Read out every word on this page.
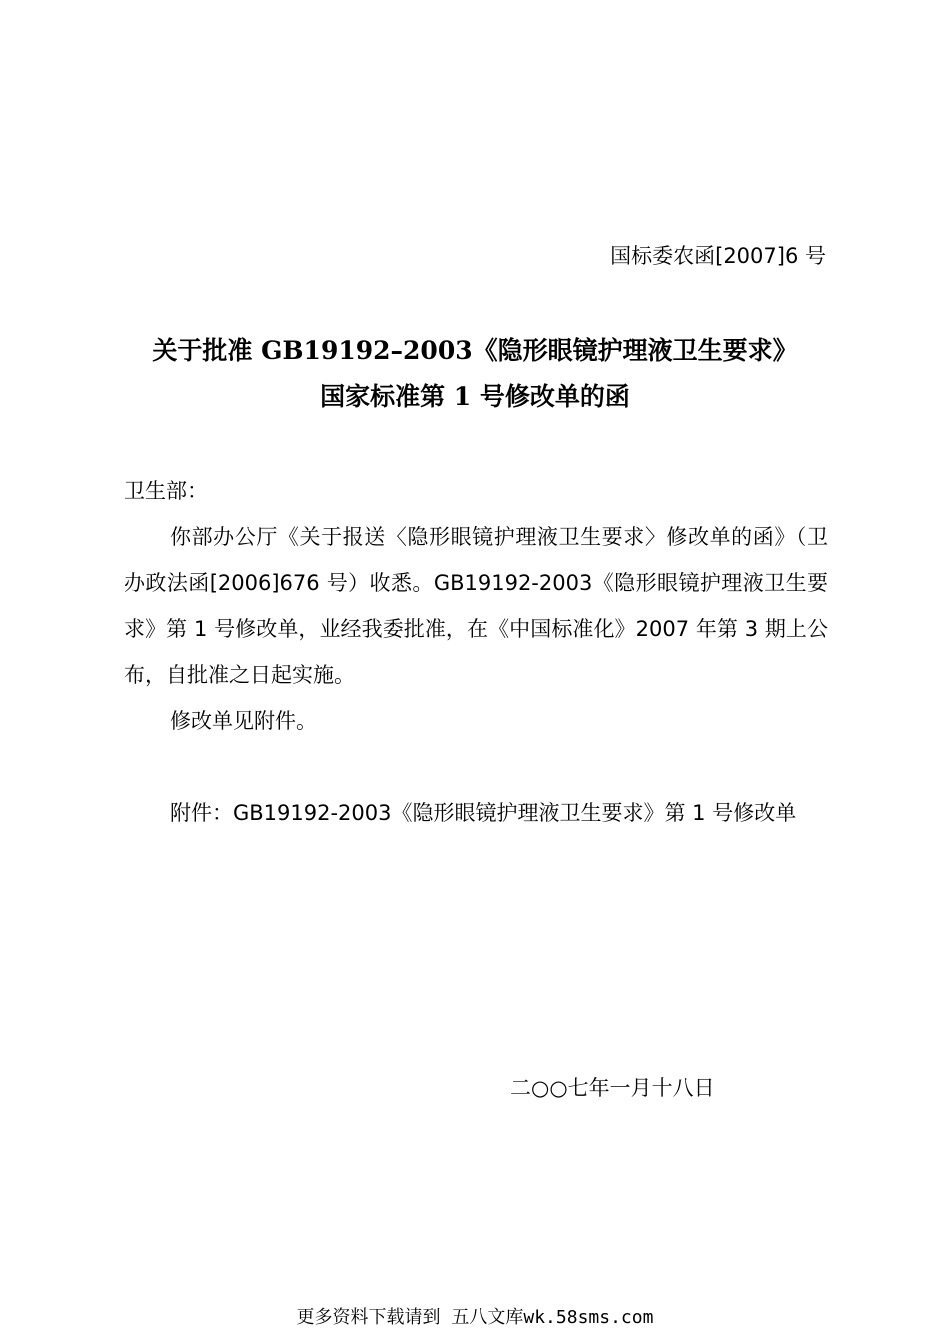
国标委农函[2007]6 号
关于批准 GB19192–2003《隐形眼镜护理液卫生要求》
国家标准第 1 号修改单的函
卫生部：
你部办公厅《关于报送〈隐形眼镜护理液卫生要求〉修改单的函》（卫办政法函[2006]676 号）收悉。GB19192-2003《隐形眼镜护理液卫生要求》第 1 号修改单，业经我委批准，在《中国标准化》2007 年第 3 期上公布，自批准之日起实施。
修改单见附件。
附件：GB19192-2003《隐形眼镜护理液卫生要求》第 1 号修改单
二○○七年一月十八日
更多资料下载请到 五八文库wk.58sms.com
